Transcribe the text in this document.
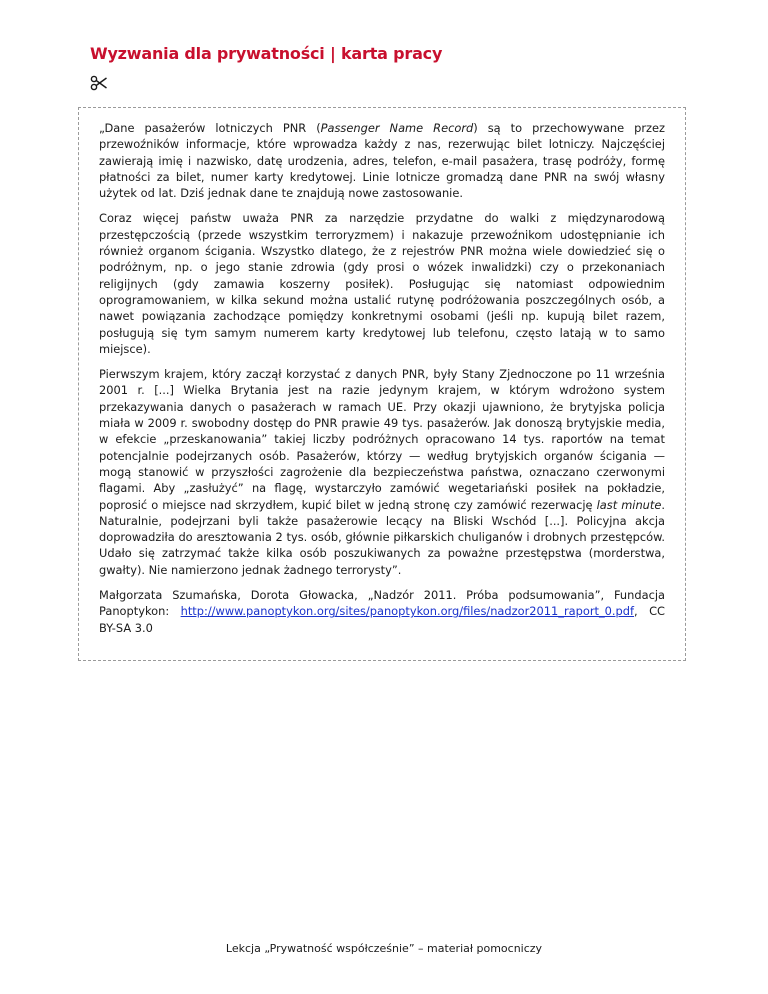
Wyzwania dla prywatności | karta pracy

„Dane pasażerów lotniczych PNR (Passenger Name Record) są to przechowywane przez przewoźników informacje, które wprowadza każdy z nas, rezerwując bilet lotniczy. Najczęściej zawierają imię i nazwisko, datę urodzenia, adres, telefon, e-mail pasażera, trasę podróży, formę płatności za bilet, numer karty kredytowej. Linie lotnicze gromadzą dane PNR na swój własny użytek od lat. Dziś jednak dane te znajdują nowe zastosowanie.

Coraz więcej państw uważa PNR za narzędzie przydatne do walki z międzynarodową przestępczością (przede wszystkim terroryzmem) i nakazuje przewoźnikom udostępnianie ich również organom ścigania. Wszystko dlatego, że z rejestrów PNR można wiele dowiedzieć się o podróżnym, np. o jego stanie zdrowia (gdy prosi o wózek inwalidzki) czy o przekonaniach religijnych (gdy zamawia koszerny posiłek). Posługując się natomiast odpowiednim oprogramowaniem, w kilka sekund można ustalić rutynę podróżowania poszczególnych osób, a nawet powiązania zachodzące pomiędzy konkretnymi osobami (jeśli np. kupują bilet razem, posługują się tym samym numerem karty kredytowej lub telefonu, często latają w to samo miejsce).

Pierwszym krajem, który zaczął korzystać z danych PNR, były Stany Zjednoczone po 11 września 2001 r. [...] Wielka Brytania jest na razie jedynym krajem, w którym wdrożono system przekazywania danych o pasażerach w ramach UE. Przy okazji ujawniono, że brytyjska policja miała w 2009 r. swobodny dostęp do PNR prawie 49 tys. pasażerów. Jak donoszą brytyjskie media, w efekcie „przeskanowania” takiej liczby podróżnych opracowano 14 tys. raportów na temat potencjalnie podejrzanych osób. Pasażerów, którzy — według brytyjskich organów ścigania — mogą stanowić w przyszłości zagrożenie dla bezpieczeństwa państwa, oznaczano czerwonymi flagami. Aby „zasłużyć” na flagę, wystarczyło zamówić wegetariański posiłek na pokładzie, poprosić o miejsce nad skrzydłem, kupić bilet w jedną stronę czy zamówić rezerwację last minute. Naturalnie, podejrzani byli także pasażerowie lecący na Bliski Wschód [...]. Policyjna akcja doprowadziła do aresztowania 2 tys. osób, głównie piłkarskich chuliganów i drobnych przestępców. Udało się zatrzymać także kilka osób poszukiwanych za poważne przestępstwa (morderstwa, gwałty). Nie namierzono jednak żadnego terrorysty”.

Małgorzata Szumańska, Dorota Głowacka, „Nadzór 2011. Próba podsumowania”, Fundacja Panoptykon: http://www.panoptykon.org/sites/panoptykon.org/files/nadzor2011_raport_0.pdf, CC BY-SA 3.0

Lekcja „Prywatność współcześnie” – materiał pomocniczy
